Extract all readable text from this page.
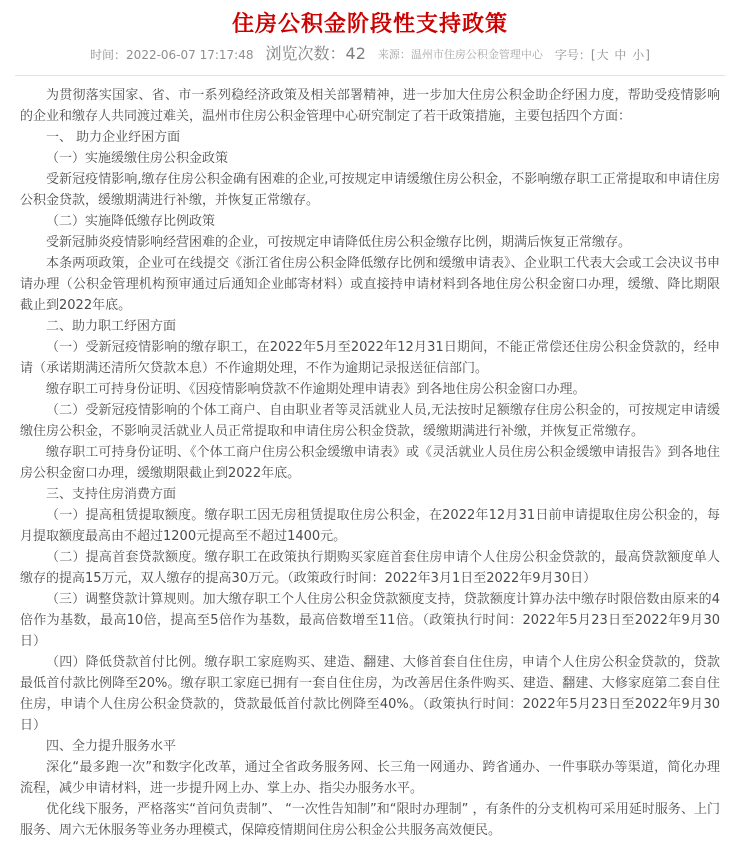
住房公积金阶段性支持政策
时间：2022-06-07 17:17:48 浏览次数：42 来源：温州市住房公积金管理中心 字号：[大 中 小]

为贯彻落实国家、省、市一系列稳经济政策及相关部署精神，进一步加大住房公积金助企纾困力度，帮助受疫情影响的企业和缴存人共同渡过难关，温州市住房公积金管理中心研究制定了若干政策措施，主要包括四个方面：

一、 助力企业纾困方面

（一）实施缓缴住房公积金政策

受新冠疫情影响,缴存住房公积金确有困难的企业,可按规定申请缓缴住房公积金，不影响缴存职工正常提取和申请住房公积金贷款，缓缴期满进行补缴，并恢复正常缴存。

（二）实施降低缴存比例政策

受新冠肺炎疫情影响经营困难的企业，可按规定申请降低住房公积金缴存比例，期满后恢复正常缴存。

本条两项政策，企业可在线提交《浙江省住房公积金降低缴存比例和缓缴申请表》、企业职工代表大会或工会决议书申请办理（公积金管理机构预审通过后通知企业邮寄材料）或直接持申请材料到各地住房公积金窗口办理，缓缴、降比期限截止到2022年底。

二、助力职工纾困方面

（一）受新冠疫情影响的缴存职工，在2022年5月至2022年12月31日期间，不能正常偿还住房公积金贷款的，经申请（承诺期满还清所欠贷款本息）不作逾期处理，不作为逾期记录报送征信部门。

缴存职工可持身份证明、《因疫情影响贷款不作逾期处理申请表》到各地住房公积金窗口办理。

（二）受新冠疫情影响的个体工商户、自由职业者等灵活就业人员,无法按时足额缴存住房公积金的，可按规定申请缓缴住房公积金，不影响灵活就业人员正常提取和申请住房公积金贷款，缓缴期满进行补缴，并恢复正常缴存。

缴存职工可持身份证明、《个体工商户住房公积金缓缴申请表》或《灵活就业人员住房公积金缓缴申请报告》到各地住房公积金窗口办理，缓缴期限截止到2022年底。

三、支持住房消费方面

（一）提高租赁提取额度。缴存职工因无房租赁提取住房公积金，在2022年12月31日前申请提取住房公积金的，每月提取额度最高由不超过1200元提高至不超过1400元。

（二）提高首套贷款额度。缴存职工在政策执行期购买家庭首套住房申请个人住房公积金贷款的，最高贷款额度单人缴存的提高15万元，双人缴存的提高30万元。（政策政行时间：2022年3月1日至2022年9月30日）

（三）调整贷款计算规则。加大缴存职工个人住房公积金贷款额度支持，贷款额度计算办法中缴存时限倍数由原来的4倍作为基数，最高10倍，提高至5倍作为基数，最高倍数增至11倍。（政策执行时间：2022年5月23日至2022年9月30日）

（四）降低贷款首付比例。缴存职工家庭购买、建造、翻建、大修首套自住住房，申请个人住房公积金贷款的，贷款最低首付款比例降至20%。缴存职工家庭已拥有一套自住住房，为改善居住条件购买、建造、翻建、大修家庭第二套自住住房，申请个人住房公积金贷款的，贷款最低首付款比例降至40%。（政策执行时间：2022年5月23日至2022年9月30日）

四、全力提升服务水平

深化“最多跑一次”和数字化改革，通过全省政务服务网、长三角一网通办、跨省通办、一件事联办等渠道，简化办理流程，减少申请材料，进一步提升网上办、掌上办、指尖办服务水平。

优化线下服务，严格落实“首问负责制”、 “一次性告知制”和“限时办理制” ，有条件的分支机构可采用延时服务、上门服务、周六无休服务等业务办理模式，保障疫情期间住房公积金公共服务高效便民。
